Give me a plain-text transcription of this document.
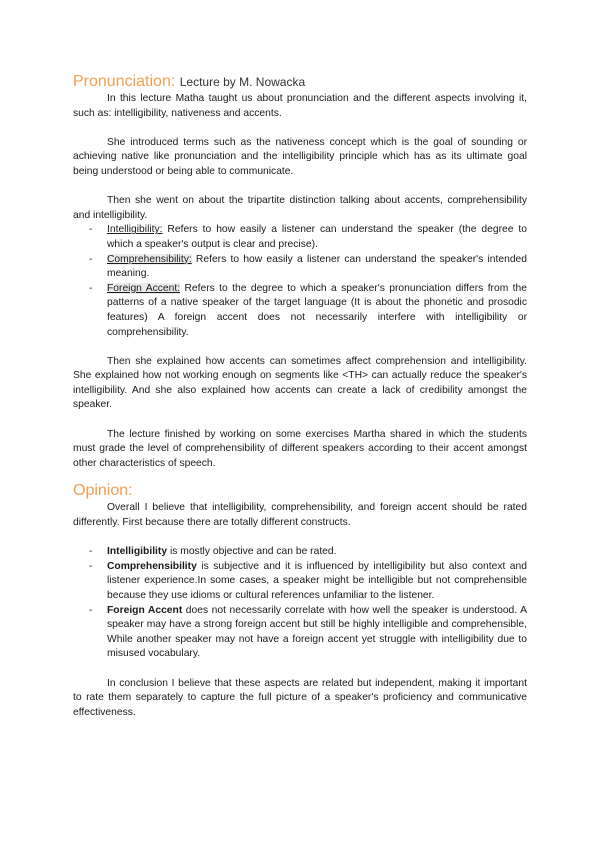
Pronunciation: Lecture by M. Nowacka

In this lecture Matha taught us about pronunciation and the different aspects involving it, such as: intelligibility, nativeness and accents.

She introduced terms such as the nativeness concept which is the goal of sounding or achieving native like pronunciation and the intelligibility principle which has as its ultimate goal being understood or being able to communicate.

Then she went on about the tripartite distinction talking about accents, comprehensibility and intelligibility.

- Intelligibility: Refers to how easily a listener can understand the speaker (the degree to which a speaker's output is clear and precise).
- Comprehensibility: Refers to how easily a listener can understand the speaker's intended meaning.
- Foreign Accent: Refers to the degree to which a speaker's pronunciation differs from the patterns of a native speaker of the target language (It is about the phonetic and prosodic features) A foreign accent does not necessarily interfere with intelligibility or comprehensibility.

Then she explained how accents can sometimes affect comprehension and intelligibility. She explained how not working enough on segments like <TH> can actually reduce the speaker's intelligibility. And she also explained how accents can create a lack of credibility amongst the speaker.

The lecture finished by working on some exercises Martha shared in which the students must grade the level of comprehensibility of different speakers according to their accent amongst other characteristics of speech.

Opinion:

Overall I believe that intelligibility, comprehensibility, and foreign accent should be rated differently. First because there are totally different constructs.

- Intelligibility is mostly objective and can be rated.
- Comprehensibility is subjective and it is influenced by intelligibility but also context and listener experience.In some cases, a speaker might be intelligible but not comprehensible because they use idioms or cultural references unfamiliar to the listener.
- Foreign Accent does not necessarily correlate with how well the speaker is understood. A speaker may have a strong foreign accent but still be highly intelligible and comprehensible, While another speaker may not have a foreign accent yet struggle with intelligibility due to misused vocabulary.

In conclusion I believe that these aspects are related but independent, making it important to rate them separately to capture the full picture of a speaker's proficiency and communicative effectiveness.
